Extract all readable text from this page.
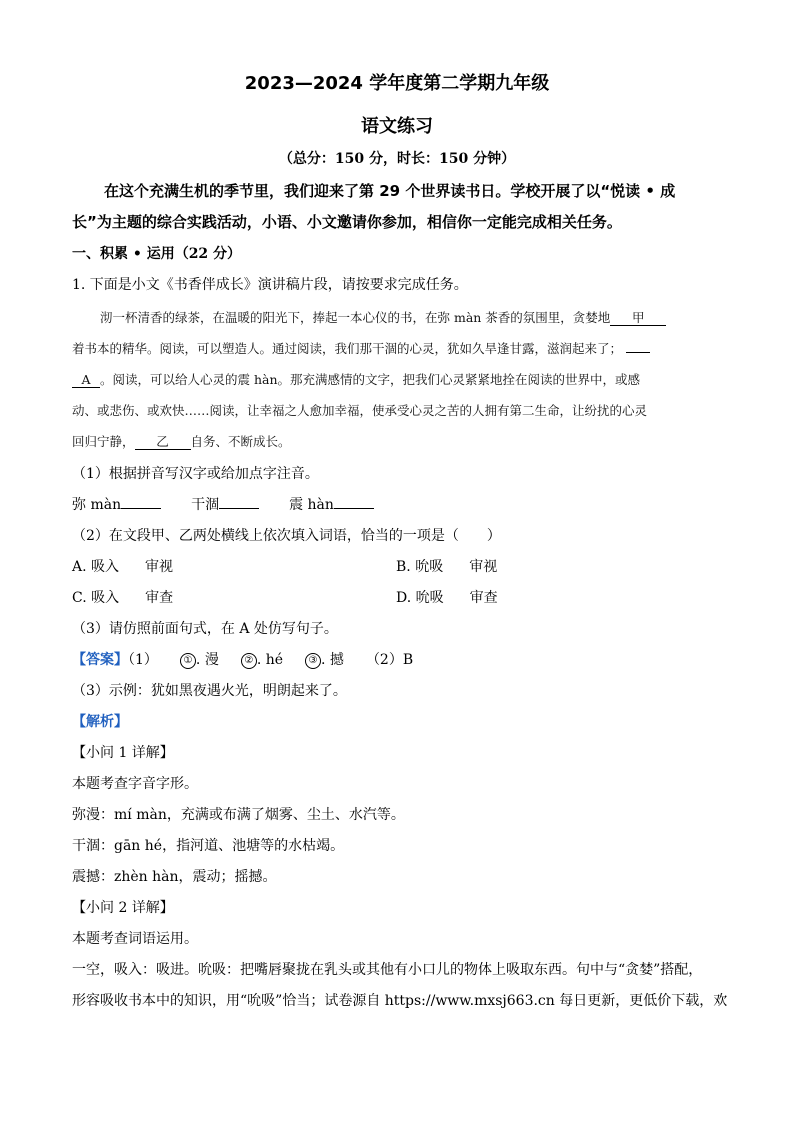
2023—2024 学年度第二学期九年级
语文练习
（总分：150 分，时长：150 分钟）
在这个充满生机的季节里，我们迎来了第 29 个世界读书日。学校开展了以“悦读 • 成
长”为主题的综合实践活动，小语、小文邀请你参加，相信你一定能完成相关任务。
一、积累 • 运用（22 分）
1. 下面是小文《书香伴成长》演讲稿片段，请按要求完成任务。
沏一杯清香的绿茶，在温暖的阳光下，捧起一本心仪的书，在弥 màn 茶香的氛围里，贪婪地 甲
着书本的精华。阅读，可以塑造人。通过阅读，我们那干涸的心灵，犹如久旱逢甘露，滋润起来了；
A 。阅读，可以给人心灵的震 hàn。那充满感情的文字，把我们心灵紧紧地拴在阅读的世界中，或感
动、或悲伤、或欢快……阅读，让幸福之人愈加幸福，使承受心灵之苦的人拥有第二生命，让纷扰的心灵
回归宁静， 乙 自务、不断成长。
（1）根据拼音写汉字或给加点字注音。
弥 màn	干涸	震 hàn
（2）在文段甲、乙两处横线上依次填入词语，恰当的一项是（　　）
A. 吸入 审视	B. 吮吸 审视
C. 吸入 审查	D. 吮吸 审查
（3）请仿照前面句式，在 A 处仿写句子。
【答案】（1）	① . 漫	② . hé	③ . 撼 （2）B
（3）示例：犹如黑夜遇火光，明朗起来了。
【解析】
【小问 1 详解】
本题考查字音字形。
弥漫：mí màn，充满或布满了烟雾、尘土、水汽等。
干涸：gān hé，指河道、池塘等的水枯竭。
震撼：zhèn hàn，震动；摇撼。
【小问 2 详解】
本题考查词语运用。
一空，吸入：吸进。吮吸：把嘴唇聚拢在乳头或其他有小口儿的物体上吸取东西。句中与“贪婪”搭配，
形容吸收书本中的知识，用“吮吸”恰当；试卷源自 https://www.mxsj663.cn 每日更新，更低价下载，欢
